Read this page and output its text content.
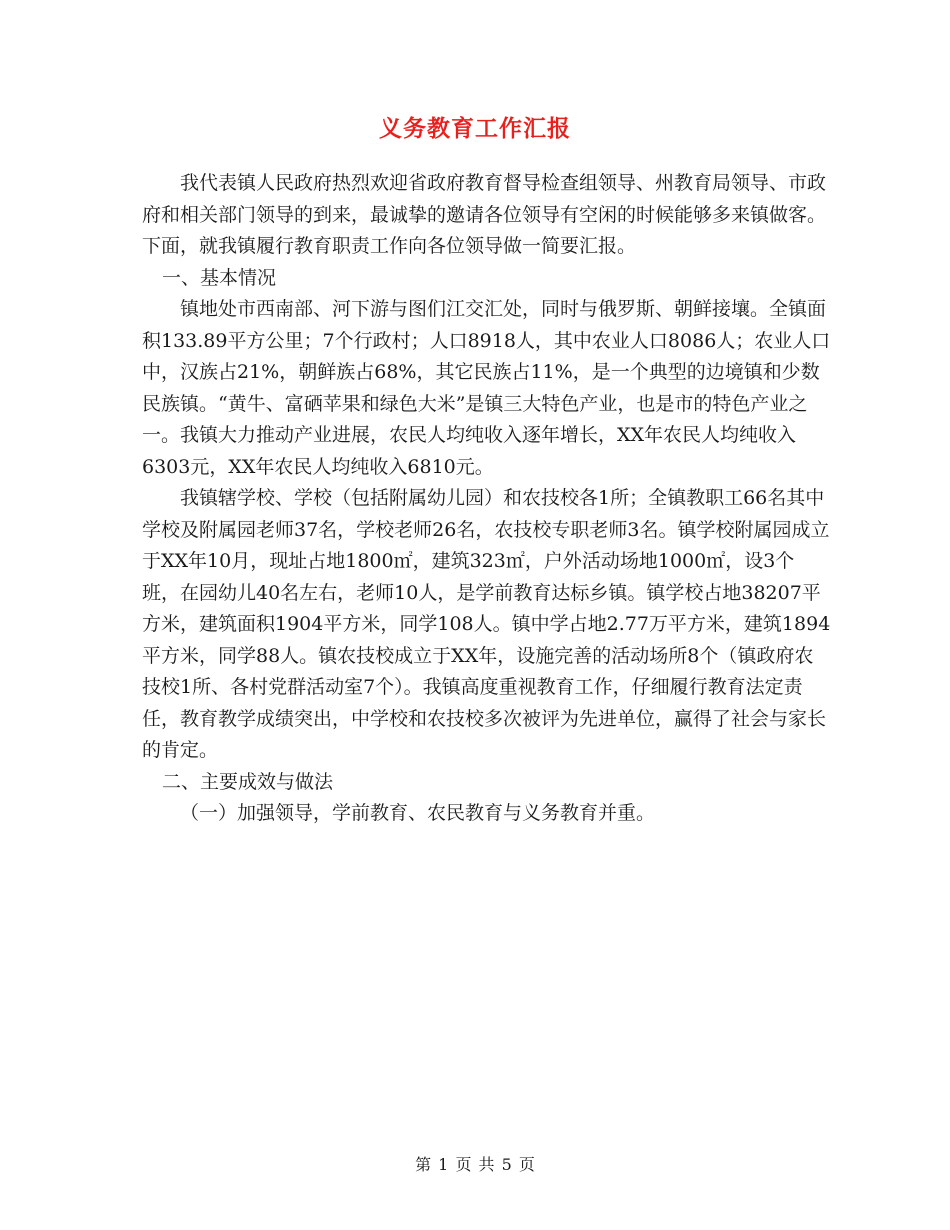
义务教育工作汇报

我代表镇人民政府热烈欢迎省政府教育督导检查组领导、州教育局领导、市政府和相关部门领导的到来，最诚挚的邀请各位领导有空闲的时候能够多来镇做客。下面，就我镇履行教育职责工作向各位领导做一简要汇报。

一、基本情况

镇地处市西南部、河下游与图们江交汇处，同时与俄罗斯、朝鲜接壤。全镇面积133.89平方公里；7个行政村；人口8918人，其中农业人口8086人；农业人口中，汉族占21%，朝鲜族占68%，其它民族占11%，是一个典型的边境镇和少数民族镇。“黄牛、富硒苹果和绿色大米”是镇三大特色产业，也是市的特色产业之一。我镇大力推动产业进展，农民人均纯收入逐年增长，XX年农民人均纯收入6303元，XX年农民人均纯收入6810元。

我镇辖学校、学校（包括附属幼儿园）和农技校各1所；全镇教职工66名其中学校及附属园老师37名，学校老师26名，农技校专职老师3名。镇学校附属园成立于XX年10月，现址占地1800㎡，建筑323㎡，户外活动场地1000㎡，设3个班，在园幼儿40名左右，老师10人，是学前教育达标乡镇。镇学校占地38207平方米，建筑面积1904平方米，同学108人。镇中学占地2.77万平方米，建筑1894平方米，同学88人。镇农技校成立于XX年，设施完善的活动场所8个（镇政府农技校1所、各村党群活动室7个）。我镇高度重视教育工作，仔细履行教育法定责任，教育教学成绩突出，中学校和农技校多次被评为先进单位，赢得了社会与家长的肯定。

二、主要成效与做法

（一）加强领导，学前教育、农民教育与义务教育并重。

第 1 页 共 5 页
